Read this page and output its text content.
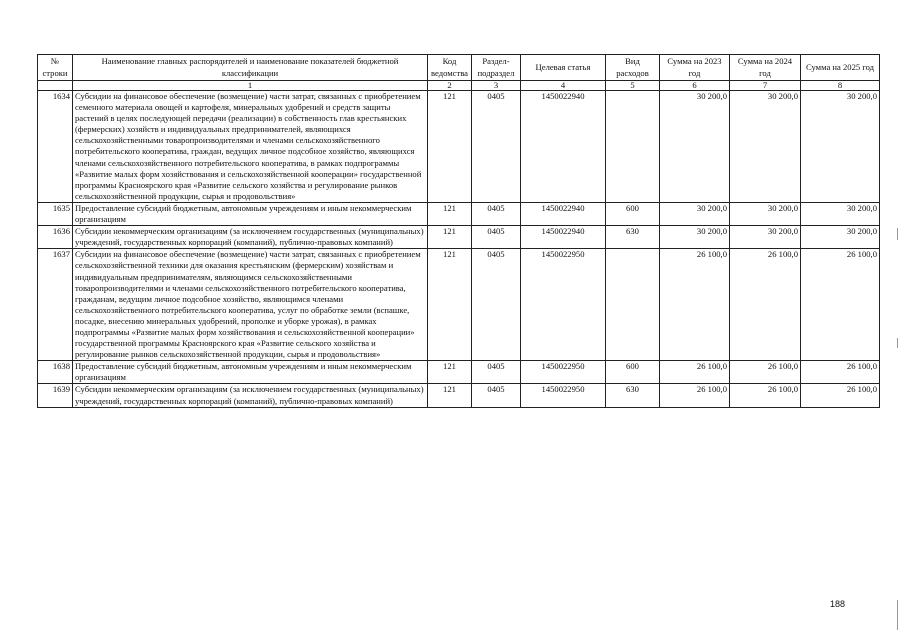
№ строки	Наименование главных распорядителей и наименование показателей бюджетной классификации	Код ведомства	Раздел-подраздел	Целевая статья	Вид расходов	Сумма на 2023 год	Сумма на 2024 год	Сумма на 2025 год
	1	2	3	4	5	6	7	8
1634	Субсидии на финансовое обеспечение (возмещение) части затрат, связанных с приобретением семенного материала овощей и картофеля, минеральных удобрений и средств защиты растений в целях последующей передачи (реализации) в собственность глав крестьянских (фермерских) хозяйств и индивидуальных предпринимателей, являющихся сельскохозяйственными товаропроизводителями и членами сельскохозяйственного потребительского кооператива, граждан, ведущих личное подсобное хозяйство, являющихся членами сельскохозяйственного потребительского кооператива, в рамках подпрограммы «Развитие малых форм хозяйствования и сельскохозяйственной кооперации» государственной программы Красноярского края «Развитие сельского хозяйства и регулирование рынков сельскохозяйственной продукции, сырья и продовольствия»	121	0405	1450022940		30 200,0	30 200,0	30 200,0
1635	Предоставление субсидий бюджетным, автономным учреждениям и иным некоммерческим организациям	121	0405	1450022940	600	30 200,0	30 200,0	30 200,0
1636	Субсидии некоммерческим организациям (за исключением государственных (муниципальных) учреждений, государственных корпораций (компаний), публично-правовых компаний)	121	0405	1450022940	630	30 200,0	30 200,0	30 200,0
1637	Субсидии на финансовое обеспечение (возмещение) части затрат, связанных с приобретением сельскохозяйственной техники для оказания крестьянским (фермерским) хозяйствам и индивидуальным предпринимателям, являющимся сельскохозяйственными товаропроизводителями и членами сельскохозяйственного потребительского кооператива, гражданам, ведущим личное подсобное хозяйство, являющимся членами сельскохозяйственного потребительского кооператива, услуг по обработке земли (вспашке, посадке, внесению минеральных удобрений, прополке и уборке урожая), в рамках подпрограммы «Развитие малых форм хозяйствования и сельскохозяйственной кооперации» государственной программы Красноярского края «Развитие сельского хозяйства и регулирование рынков сельскохозяйственной продукции, сырья и продовольствия»	121	0405	1450022950		26 100,0	26 100,0	26 100,0
1638	Предоставление субсидий бюджетным, автономным учреждениям и иным некоммерческим организациям	121	0405	1450022950	600	26 100,0	26 100,0	26 100,0
1639	Субсидии некоммерческим организациям (за исключением государственных (муниципальных) учреждений, государственных корпораций (компаний), публично-правовых компаний)	121	0405	1450022950	630	26 100,0	26 100,0	26 100,0
188
